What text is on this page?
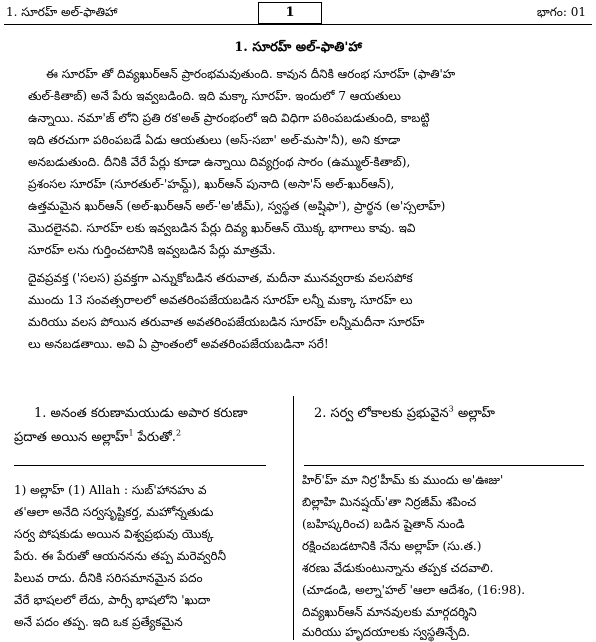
1. సూరహ్ అల్-ఫాతిహా	1	భాగం: 01
1. సూరహ్ అల్-ఫాతి'హా
ఈ సూరహ్ తో దివ్యఖుర్ఆన్ ప్రారంభమవుతుంది. కావున దీనికి ఆరంభ సూరహ్ (ఫాతి'హ
తుల్-కితాబ్) అనే పేరు ఇవ్వబడింది. ఇది మక్కా సూరహ్. ఇందులో 7 ఆయతులు
ఉన్నాయి. నమా'జ్ లోని ప్రతి రక'అత్ ప్రారంభంలో ఇది విధిగా పఠింపబడుతుంది, కాబట్టి
ఇది తరచుగా పఠింపబడే ఏడు ఆయతులు (అస్-సబా' అల్-మసా'నీ), అని కూడా
అనబడుతుంది. దీనికి వేరే పేర్లు కూడా ఉన్నాయి దివ్యగ్రంథ సారం (ఉమ్ముల్-కితాబ్),
ప్రశంసల సూరహ్ (సూరతుల్-'హమ్ద్), ఖుర్ఆన్ పునాది (అసా'స్ అల్-ఖుర్ఆన్),
ఉత్తమమైన ఖుర్ఆన్ (అల్-ఖుర్ఆన్ అల్-'అ'జీమ్), స్వస్థత (అష్షిఫా'), ప్రార్థన (అ'స్సలాహ్)
మొదలైనవి. సూరహ్ లకు ఇవ్వబడిన పేర్లు దివ్య ఖుర్ఆన్ యొక్క భాగాలు కావు. ఇవి
సూరహ్ లను గుర్తించటానికి ఇవ్వబడిన పేర్లు మాత్రమే.
దైవప్రవక్త ('సలస) ప్రవక్తగా ఎన్నుకోబడిన తరువాత, మదీనా మునవ్వరాకు వలసపోక
ముందు 13 సంవత్సరాలలో అవతరింపజేయబడిన సూరహ్ లన్నీ మక్కా సూరహ్ లు
మరియు వలస పోయిన తరువాత అవతరింపజేయబడిన సూరహ్ లన్నీమదీనా సూరహ్
లు అనబడతాయి. అవి ఏ ప్రాంతంలో అవతరింపజేయబడినా సరే!
1. అనంత కరుణామయుడు అపార కరుణా
ప్రదాత అయిన అల్లాహ్$^1$ పేరుతో.$^2$
2. సర్వ లోకాలకు ప్రభువైన$^3$ అల్లాహ్
1) అల్లాహ్ (1) Allah : సుబ్'హానహు వ
త'ఆలా అనేది సర్వసృష్టికర్త, మహోన్నతుడు
సర్వ పోషకుడు అయిన విశ్వప్రభువు యొక్క
పేరు. ఈ పేరుతో ఆయననను తప్ప మరెవ్వరినీ
పిలువ రాదు. దీనికి సరిసమానమైన పదం
వేరే భాషలలో లేదు, పార్సీ భాషలోని 'ఖుదా
అనే పదం తప్ప. ఇది ఒక ప్రత్యేకమైన
హిర్'హ్ మా నిర్ర'హీమ్ కు ముందు అ'ఊజు'
బిల్లాహి మినష్షయ్'తా నిర్రజీమ్ శపించ
(బహిష్కరించ) బడిన షైతాన్ నుండి
రక్షించబడటానికి నేను అల్లాహ్ (సు.త.)
శరణు వేడుకుంటున్నాను తప్పక చదవాలి.
(చూడండి, అల్నా'హల్ 'ఆలా ఆదేశం, (16:98).
దివ్యఖుర్ఆన్ మానవులకు మార్గదర్శిని
మరియు హృదయాలకు స్వస్థతిన్చేది.
